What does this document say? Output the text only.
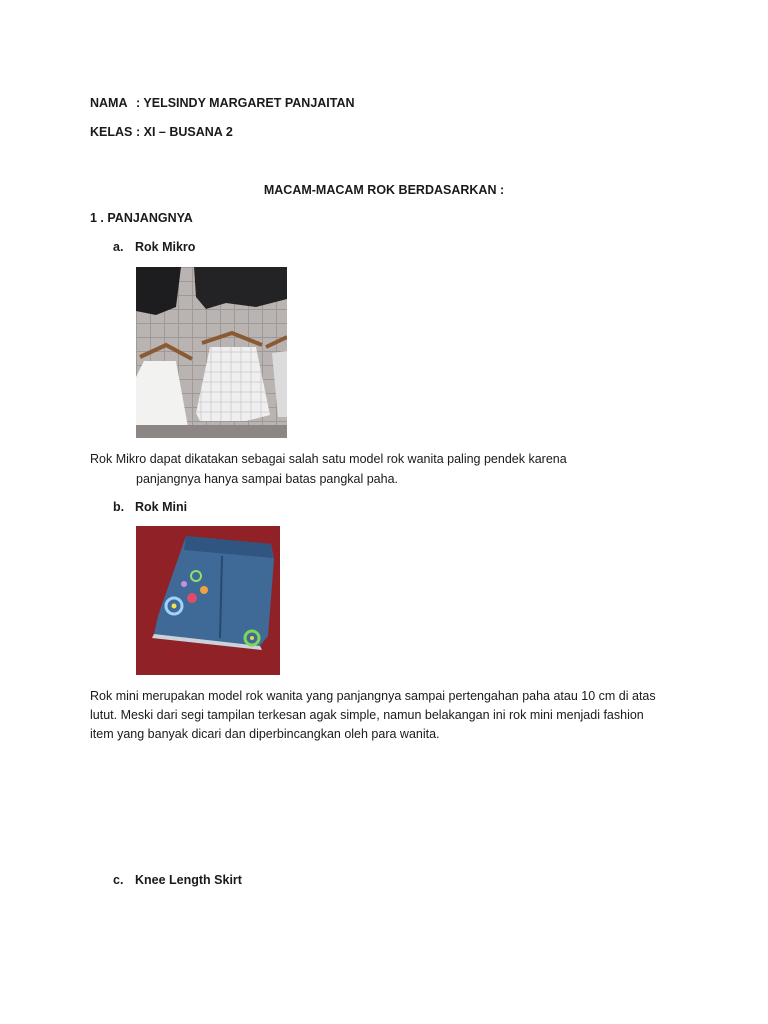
NAMA : YELSINDY MARGARET PANJAITAN
KELAS : XI – BUSANA 2
MACAM-MACAM ROK BERDASARKAN :
1 . PANJANGNYA
a. Rok Mikro
Rok Mikro dapat dikatakan sebagai salah satu model rok wanita paling pendek karena
panjangnya hanya sampai batas pangkal paha.
b. Rok Mini
Rok mini merupakan model rok wanita yang panjangnya sampai pertengahan paha atau 10 cm di atas
lutut. Meski dari segi tampilan terkesan agak simple, namun belakangan ini rok mini menjadi fashion
item yang banyak dicari dan diperbincangkan oleh para wanita.
c. Knee Length Skirt
